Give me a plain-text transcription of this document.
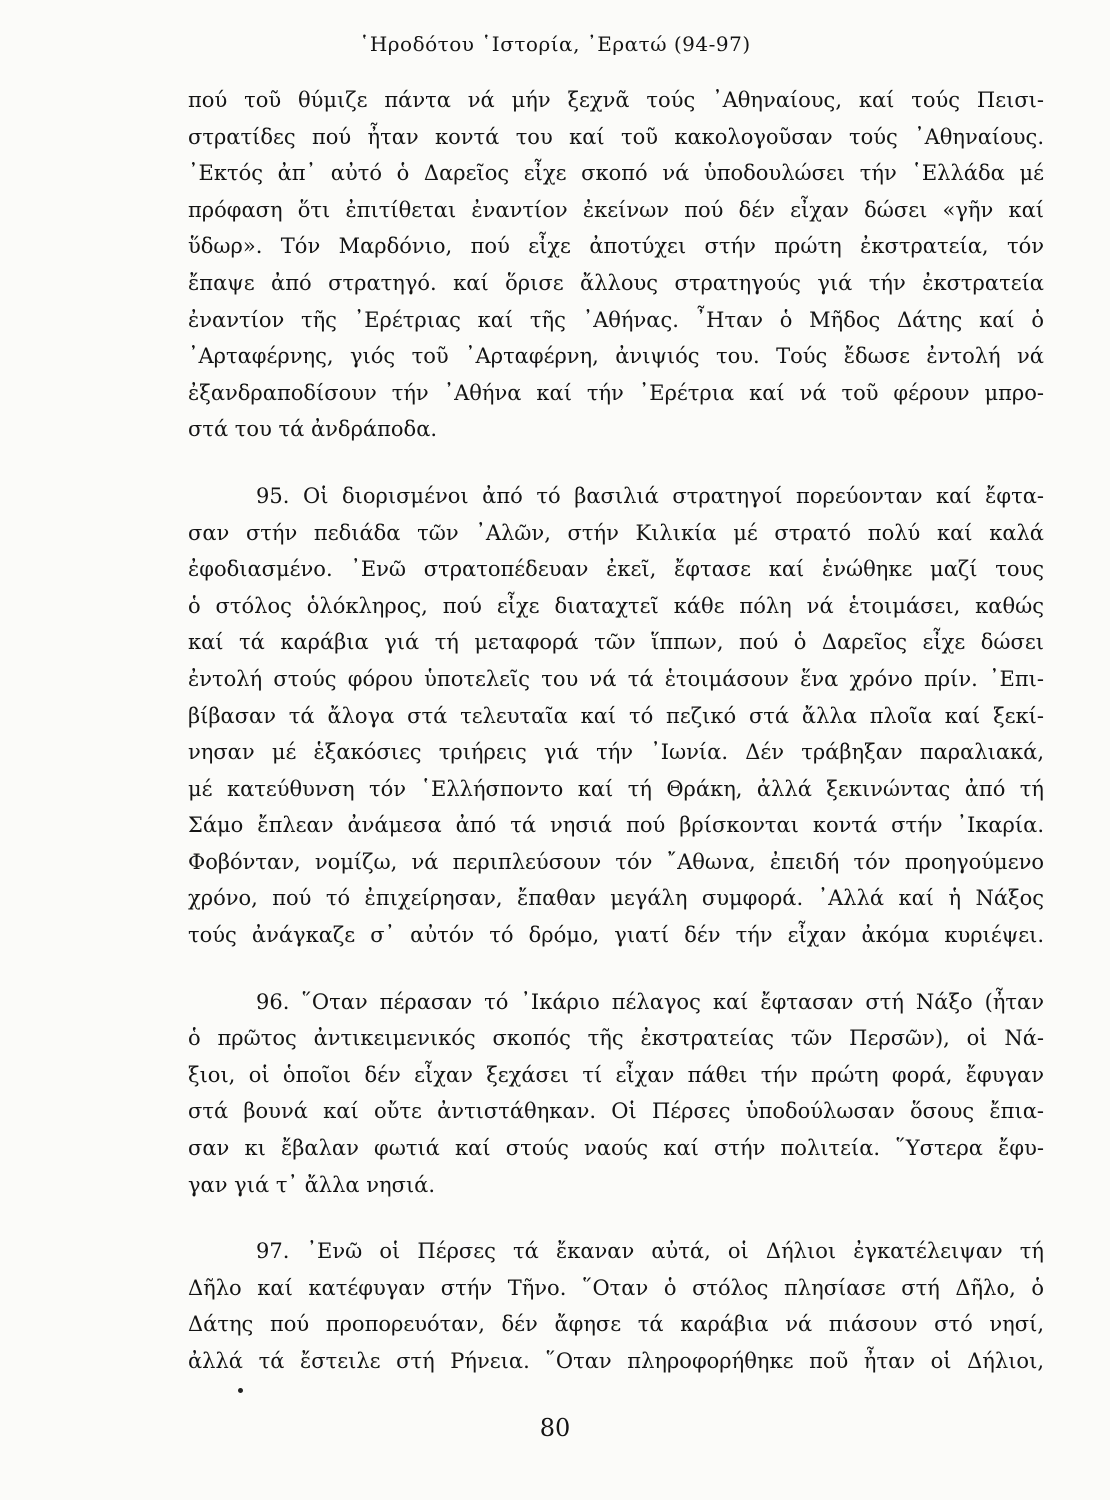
῾Ηροδότου ῾Ιστορία, ᾿Ερατώ (94-97)

πού τοῦ θύμιζε πάντα νά μήν ξεχνᾶ τούς ᾿Αθηναίους, καί τούς Πεισι-
στρατίδες πού ἦταν κοντά του καί τοῦ κακολογοῦσαν τούς ᾿Αθηναίους.
᾿Εκτός ἀπ᾿ αὐτό ὁ Δαρεῖος εἶχε σκοπό νά ὑποδουλώσει τήν ῾Ελλάδα μέ
πρόφαση ὅτι ἐπιτίθεται ἐναντίον ἐκείνων πού δέν εἶχαν δώσει «γῆν καί
ὕδωρ». Τόν Μαρδόνιο, πού εἶχε ἀποτύχει στήν πρώτη ἐκστρατεία, τόν
ἔπαψε ἀπό στρατηγό. καί ὅρισε ἄλλους στρατηγούς γιά τήν ἐκστρατεία
ἐναντίον τῆς ᾿Ερέτριας καί τῆς ᾿Αθήνας. ῏Ηταν ὁ Μῆδος Δάτης καί ὁ
᾿Αρταφέρνης, γιός τοῦ ᾿Αρταφέρνη, ἀνιψιός του. Τούς ἔδωσε ἐντολή νά
ἐξανδραποδίσουν τήν ᾿Αθήνα καί τήν ᾿Ερέτρια καί νά τοῦ φέρουν μπρο-
στά του τά ἀνδράποδα.

95. Οἱ διορισμένοι ἀπό τό βασιλιά στρατηγοί πορεύονταν καί ἔφτα-
σαν στήν πεδιάδα τῶν ᾿Αλῶν, στήν Κιλικία μέ στρατό πολύ καί καλά
ἐφοδιασμένο. ᾿Ενῶ στρατοπέδευαν ἐκεῖ, ἔφτασε καί ἑνώθηκε μαζί τους
ὁ στόλος ὁλόκληρος, πού εἶχε διαταχτεῖ κάθε πόλη νά ἑτοιμάσει, καθώς
καί τά καράβια γιά τή μεταφορά τῶν ἵππων, πού ὁ Δαρεῖος εἶχε δώσει
ἐντολή στούς φόρου ὑποτελεῖς του νά τά ἑτοιμάσουν ἕνα χρόνο πρίν. ᾿Επι-
βίβασαν τά ἄλογα στά τελευταῖα καί τό πεζικό στά ἄλλα πλοῖα καί ξεκί-
νησαν μέ ἑξακόσιες τριήρεις γιά τήν ᾿Ιωνία. Δέν τράβηξαν παραλιακά,
μέ κατεύθυνση τόν ῾Ελλήσποντο καί τή Θράκη, ἀλλά ξεκινώντας ἀπό τή
Σάμο ἔπλεαν ἀνάμεσα ἀπό τά νησιά πού βρίσκονται κοντά στήν ᾿Ικαρία.
Φοβόνταν, νομίζω, νά περιπλεύσουν τόν ῎Αθωνα, ἐπειδή τόν προηγούμενο
χρόνο, πού τό ἐπιχείρησαν, ἔπαθαν μεγάλη συμφορά. ᾿Αλλά καί ἡ Νάξος
τούς ἀνάγκαζε σ᾿ αὐτόν τό δρόμο, γιατί δέν τήν εἶχαν ἀκόμα κυριέψει.

96. ῞Οταν πέρασαν τό ᾿Ικάριο πέλαγος καί ἔφτασαν στή Νάξο (ἦταν
ὁ πρῶτος ἀντικειμενικός σκοπός τῆς ἐκστρατείας τῶν Περσῶν), οἱ Νά-
ξιοι, οἱ ὁποῖοι δέν εἶχαν ξεχάσει τί εἶχαν πάθει τήν πρώτη φορά, ἔφυγαν
στά βουνά καί οὔτε ἀντιστάθηκαν. Οἱ Πέρσες ὑποδούλωσαν ὅσους ἔπια-
σαν κι ἔβαλαν φωτιά καί στούς ναούς καί στήν πολιτεία. ῞Υστερα ἔφυ-
γαν γιά τ᾿ ἄλλα νησιά.

97. ᾿Ενῶ οἱ Πέρσες τά ἔκαναν αὐτά, οἱ Δήλιοι ἐγκατέλειψαν τή
Δῆλο καί κατέφυγαν στήν Τῆνο. ῞Οταν ὁ στόλος πλησίασε στή Δῆλο, ὁ
Δάτης πού προπορευόταν, δέν ἄφησε τά καράβια νά πιάσουν στό νησί,
ἀλλά τά ἔστειλε στή Ρήνεια. ῞Οταν πληροφορήθηκε ποῦ ἦταν οἱ Δήλιοι,

80
